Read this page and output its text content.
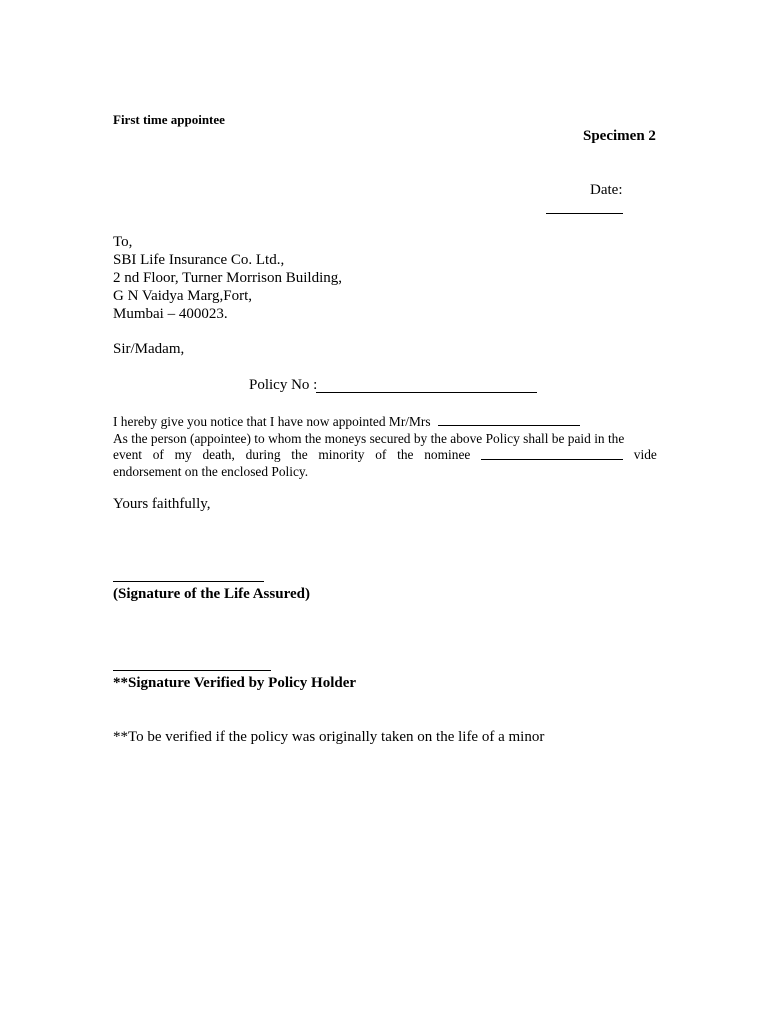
First time appointee
Specimen 2
Date:
To,
SBI Life Insurance Co. Ltd.,
2 nd Floor, Turner Morrison Building,
G N Vaidya Marg,Fort,
Mumbai – 400023.
Sir/Madam,
Policy No :
I hereby give you notice that I have now appointed Mr/Mrs
As the person (appointee) to whom the moneys secured by the above Policy shall be paid in the
event of my death, during the minority of the nominee	vide
endorsement on the enclosed Policy.
Yours faithfully,
(Signature of the Life Assured)
**Signature Verified by Policy Holder
**To be verified if the policy was originally taken on the life of a minor
